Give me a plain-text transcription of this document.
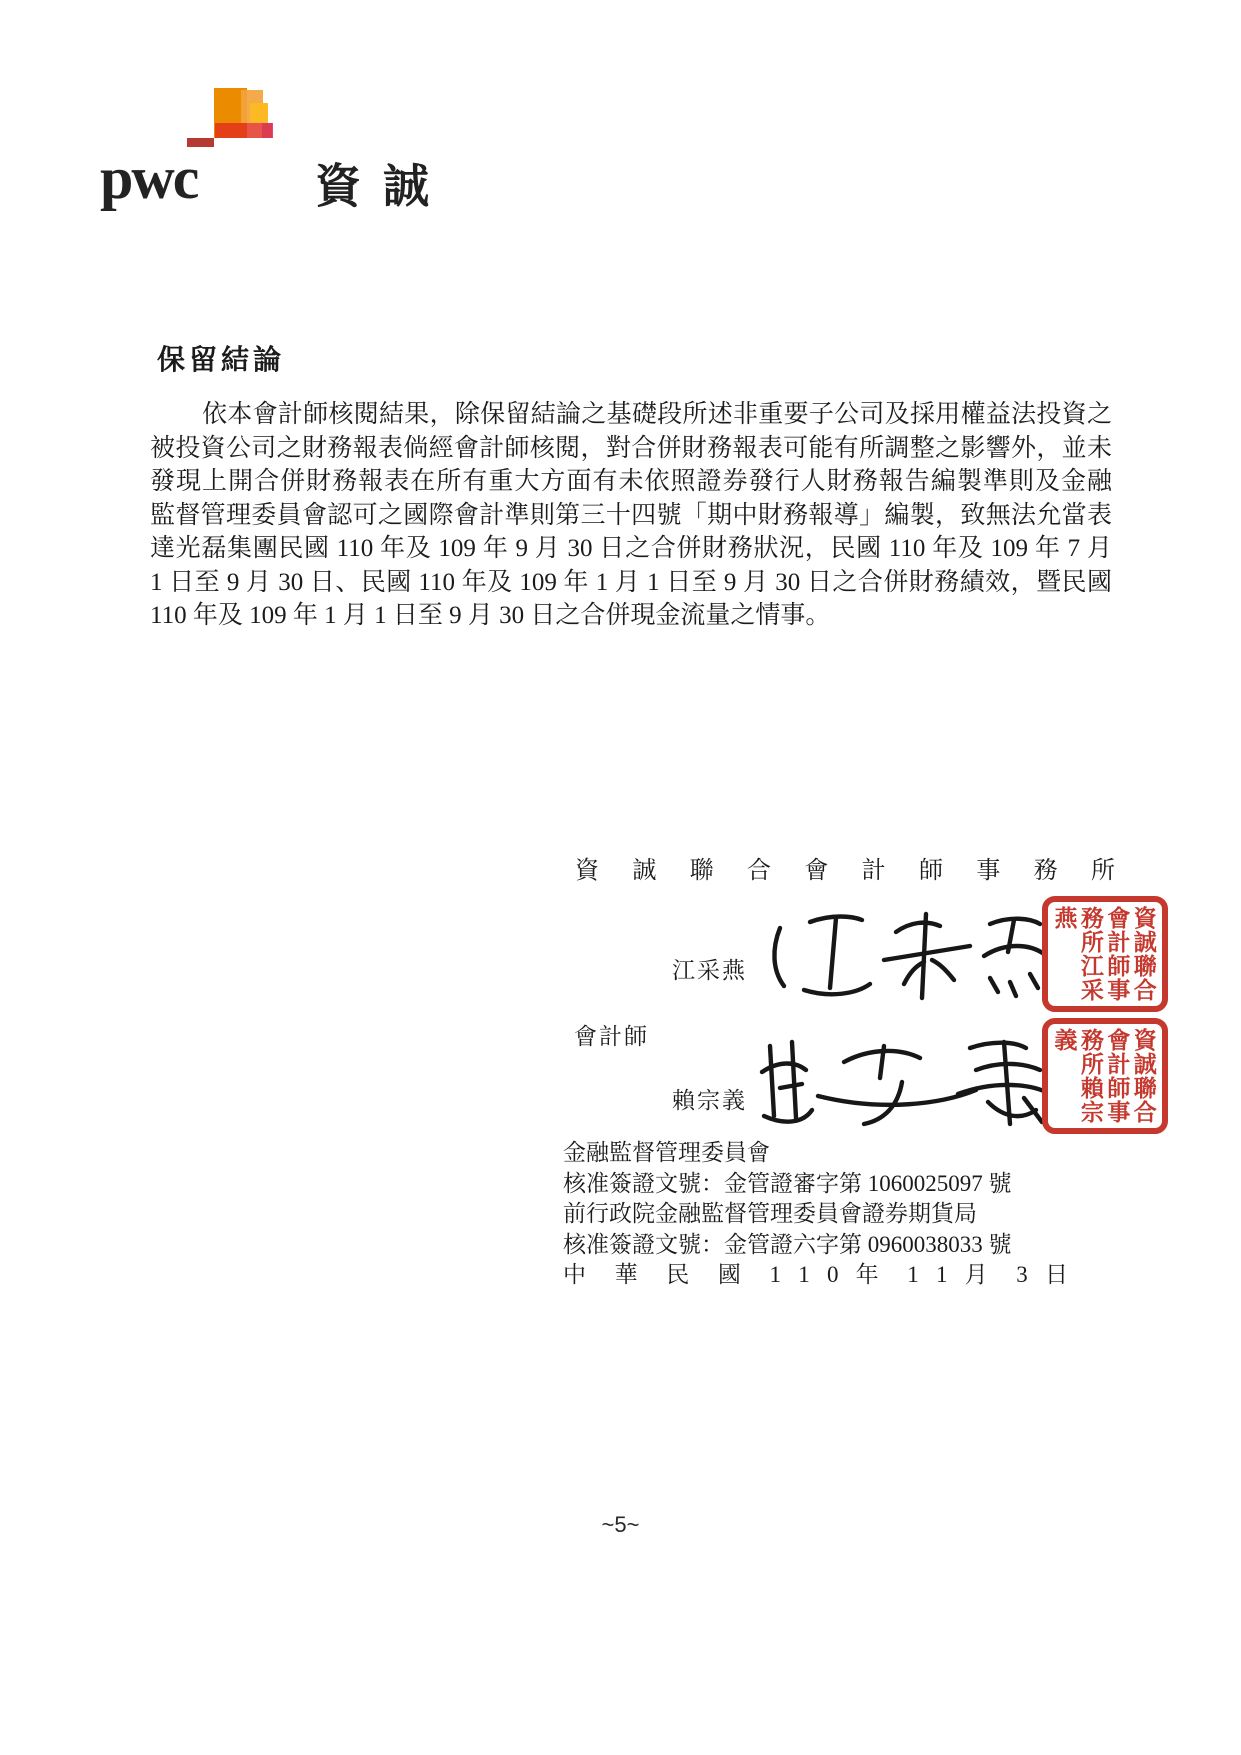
pwc	資誠
保留結論
依本會計師核閱結果，除保留結論之基礎段所述非重要子公司及採用權益法投資之
被投資公司之財務報表倘經會計師核閱，對合併財務報表可能有所調整之影響外，並未
發現上開合併財務報表在所有重大方面有未依照證券發行人財務報告編製準則及金融
監督管理委員會認可之國際會計準則第三十四號「期中財務報導」編製，致無法允當表
達光磊集團民國 110 年及 109 年 9 月 30 日之合併財務狀況，民國 110 年及 109 年 7 月
1 日至 9 月 30 日、民國 110 年及 109 年 1 月 1 日至 9 月 30 日之合併財務績效，暨民國
110 年及 109 年 1 月 1 日至 9 月 30 日之合併現金流量之情事。
資誠聯合會計師事務所
江采燕
會計師
賴宗義
資誠聯合會計師事務所江采燕
資誠聯合會計師事務所賴宗義
金融監督管理委員會
核准簽證文號：金管證審字第 1060025097 號
前行政院金融監督管理委員會證券期貨局
核准簽證文號：金管證六字第 0960038033 號
中 華 民 國 1 1 0 年 1 1 月 3 日
~5~
